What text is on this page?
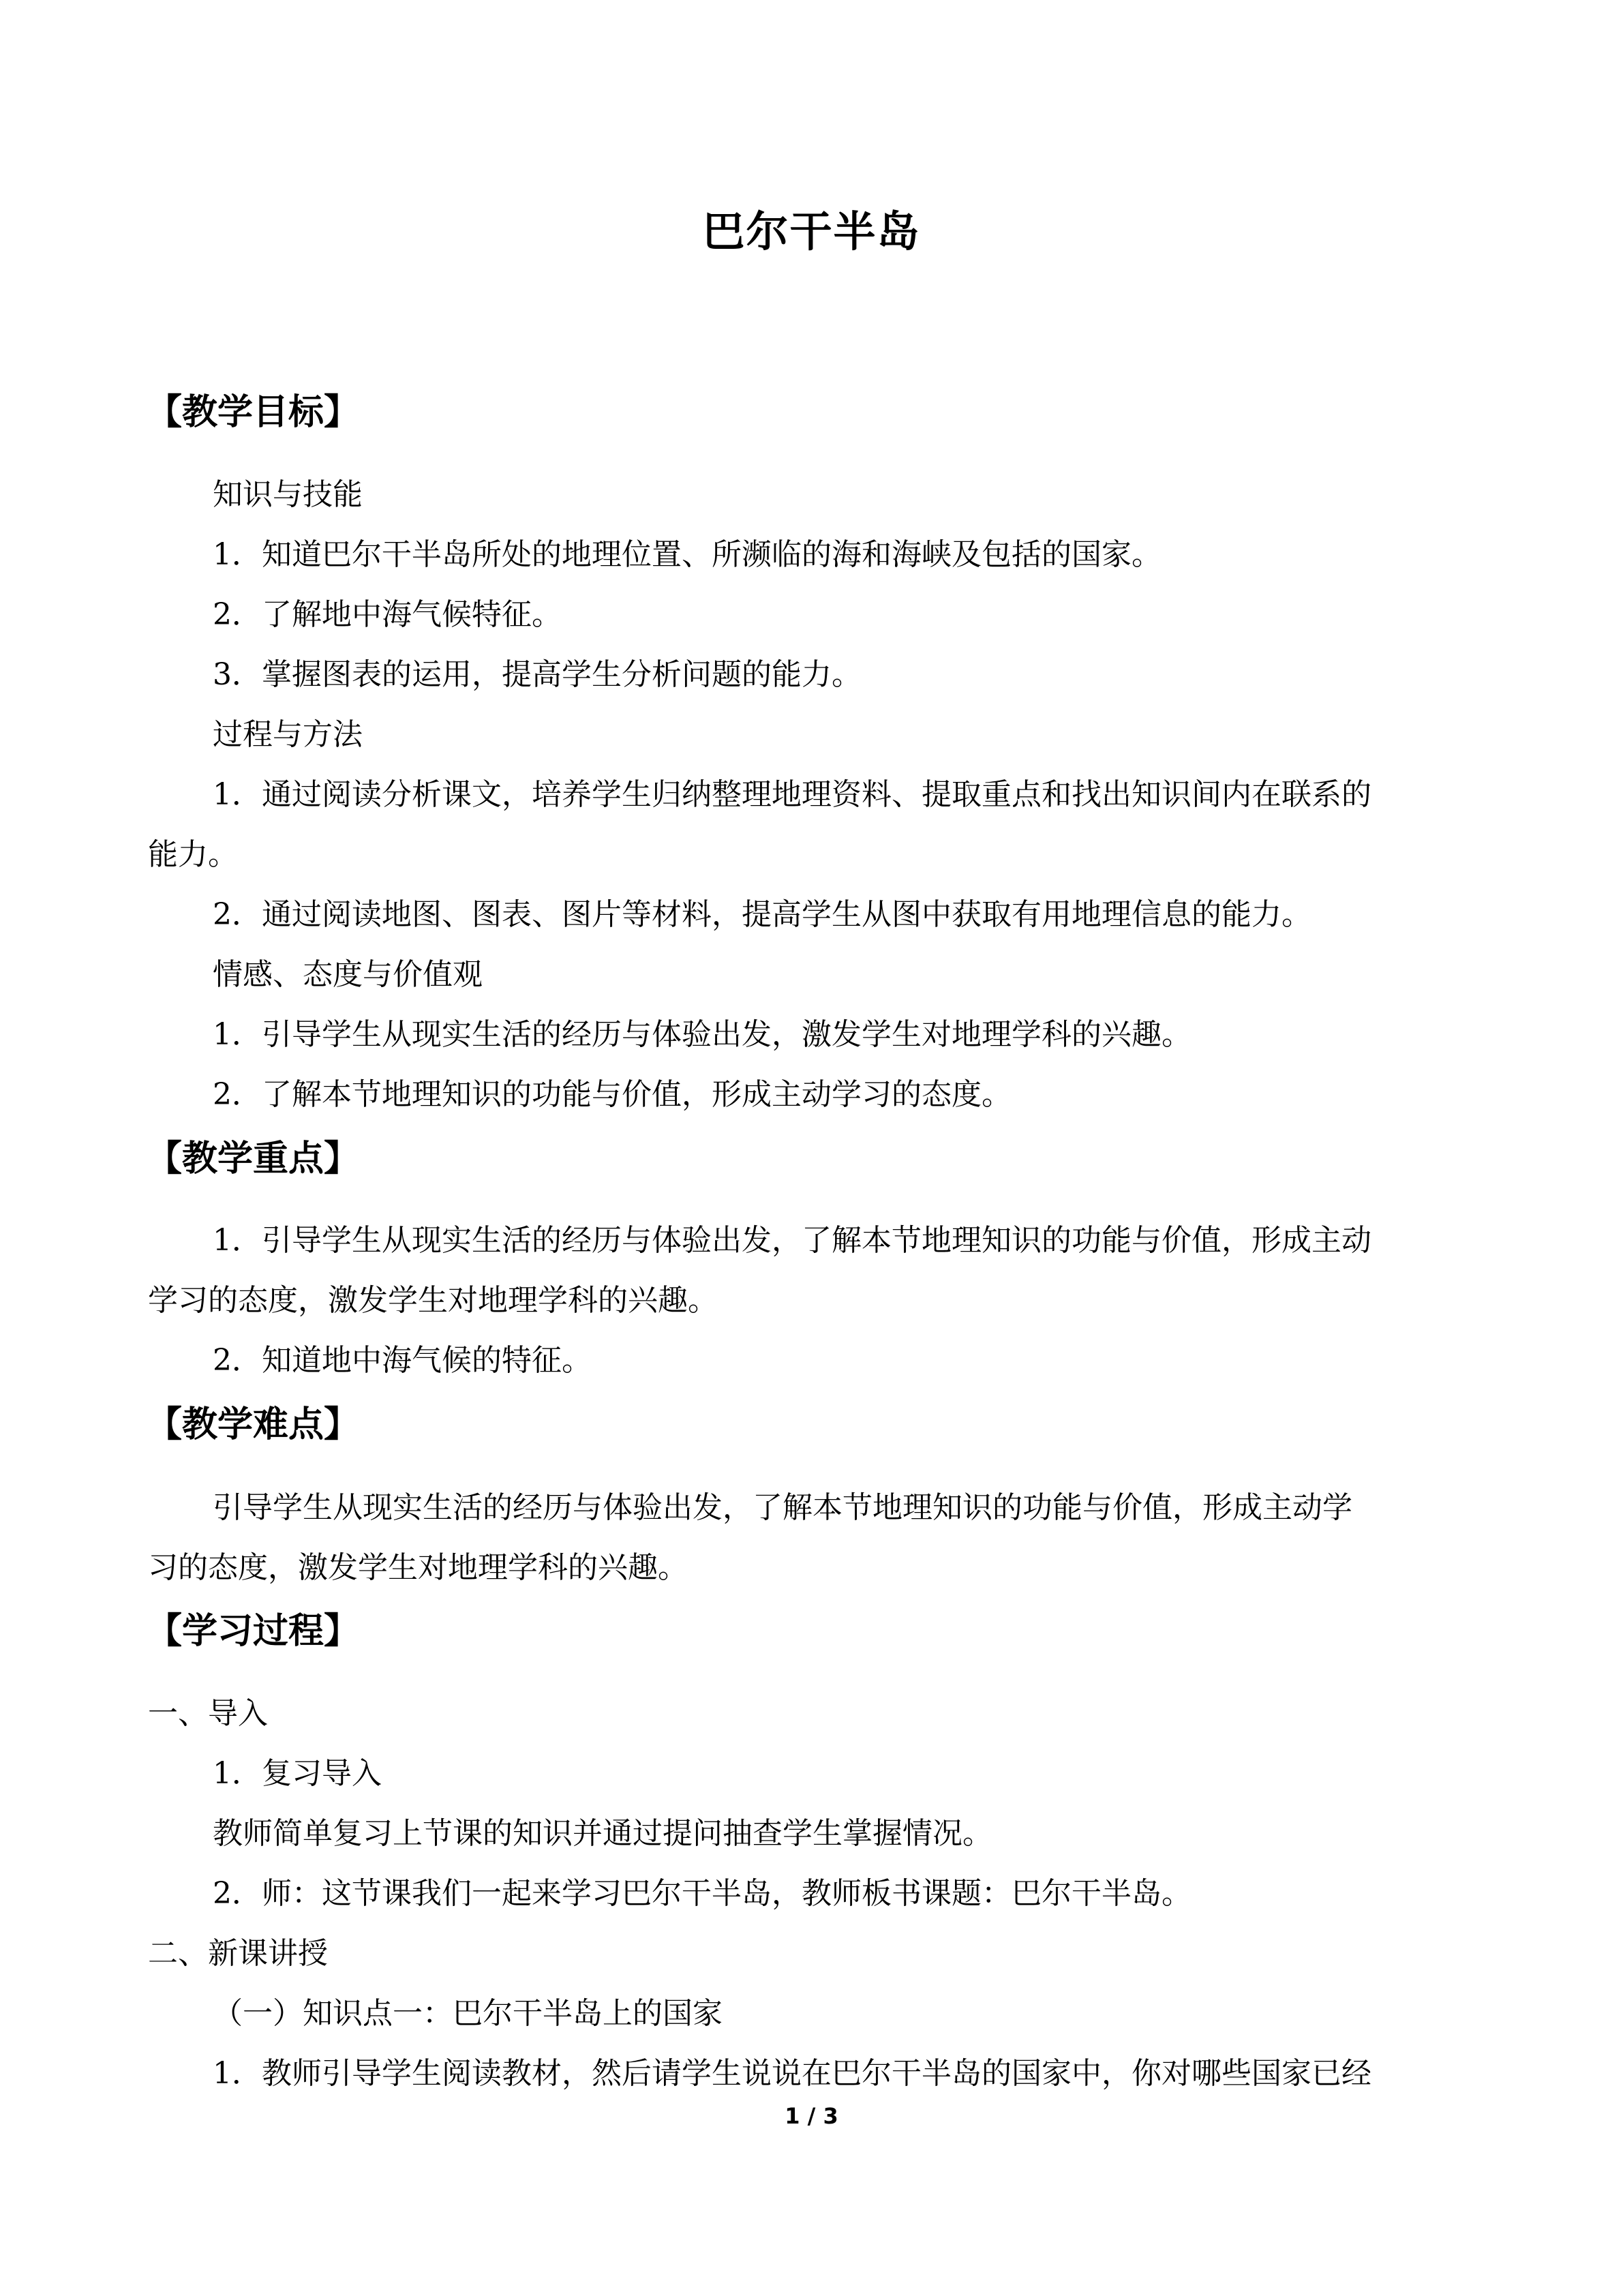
巴尔干半岛
【教学目标】
知识与技能
1．知道巴尔干半岛所处的地理位置、所濒临的海和海峡及包括的国家。
2．了解地中海气候特征。
3．掌握图表的运用，提高学生分析问题的能力。
过程与方法
1．通过阅读分析课文，培养学生归纳整理地理资料、提取重点和找出知识间内在联系的
能力。
2．通过阅读地图、图表、图片等材料，提高学生从图中获取有用地理信息的能力。
情感、态度与价值观
1．引导学生从现实生活的经历与体验出发，激发学生对地理学科的兴趣。
2．了解本节地理知识的功能与价值，形成主动学习的态度。
【教学重点】
1．引导学生从现实生活的经历与体验出发，了解本节地理知识的功能与价值，形成主动
学习的态度，激发学生对地理学科的兴趣。
2．知道地中海气候的特征。
【教学难点】
引导学生从现实生活的经历与体验出发，了解本节地理知识的功能与价值，形成主动学
习的态度，激发学生对地理学科的兴趣。
【学习过程】
一、导入
1．复习导入
教师简单复习上节课的知识并通过提问抽查学生掌握情况。
2．师：这节课我们一起来学习巴尔干半岛，教师板书课题：巴尔干半岛。
二、新课讲授
（一）知识点一：巴尔干半岛上的国家
1．教师引导学生阅读教材，然后请学生说说在巴尔干半岛的国家中，你对哪些国家已经
1 / 3
